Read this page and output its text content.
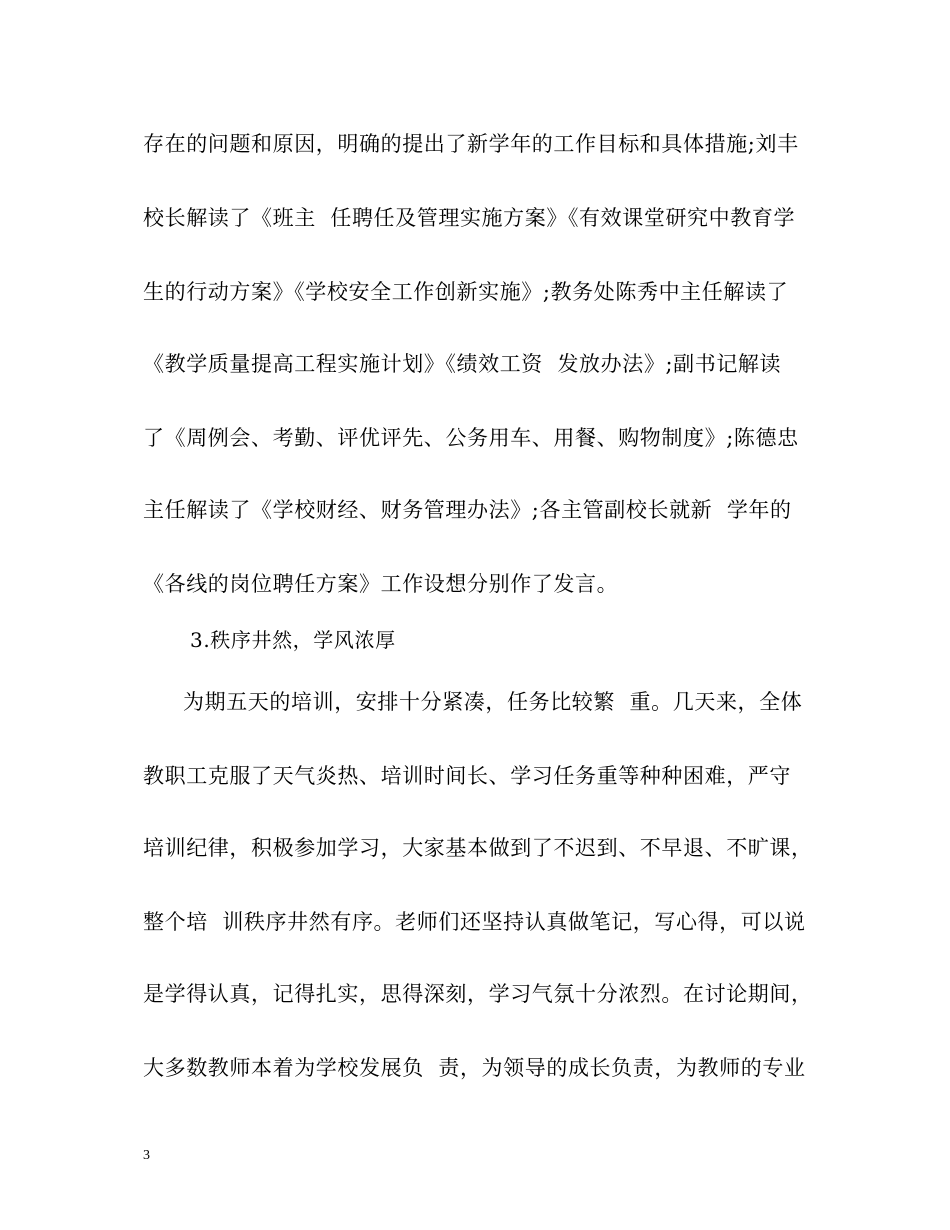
存在的问题和原因，明确的提出了新学年的工作目标和具体措施;刘丰
校长解读了《班主  任聘任及管理实施方案》《有效课堂研究中教育学
生的行动方案》《学校安全工作创新实施》;教务处陈秀中主任解读了
《教学质量提高工程实施计划》《绩效工资  发放办法》;副书记解读
了《周例会、考勤、评优评先、公务用车、用餐、购物制度》;陈德忠
主任解读了《学校财经、财务管理办法》;各主管副校长就新  学年的
《各线的岗位聘任方案》工作设想分别作了发言。
3.秩序井然，学风浓厚
为期五天的培训，安排十分紧凑，任务比较繁  重。几天来，全体
教职工克服了天气炎热、培训时间长、学习任务重等种种困难，严守
培训纪律，积极参加学习，大家基本做到了不迟到、不早退、不旷课，
整个培  训秩序井然有序。老师们还坚持认真做笔记，写心得，可以说
是学得认真，记得扎实，思得深刻，学习气氛十分浓烈。在讨论期间，
大多数教师本着为学校发展负  责，为领导的成长负责，为教师的专业
3
